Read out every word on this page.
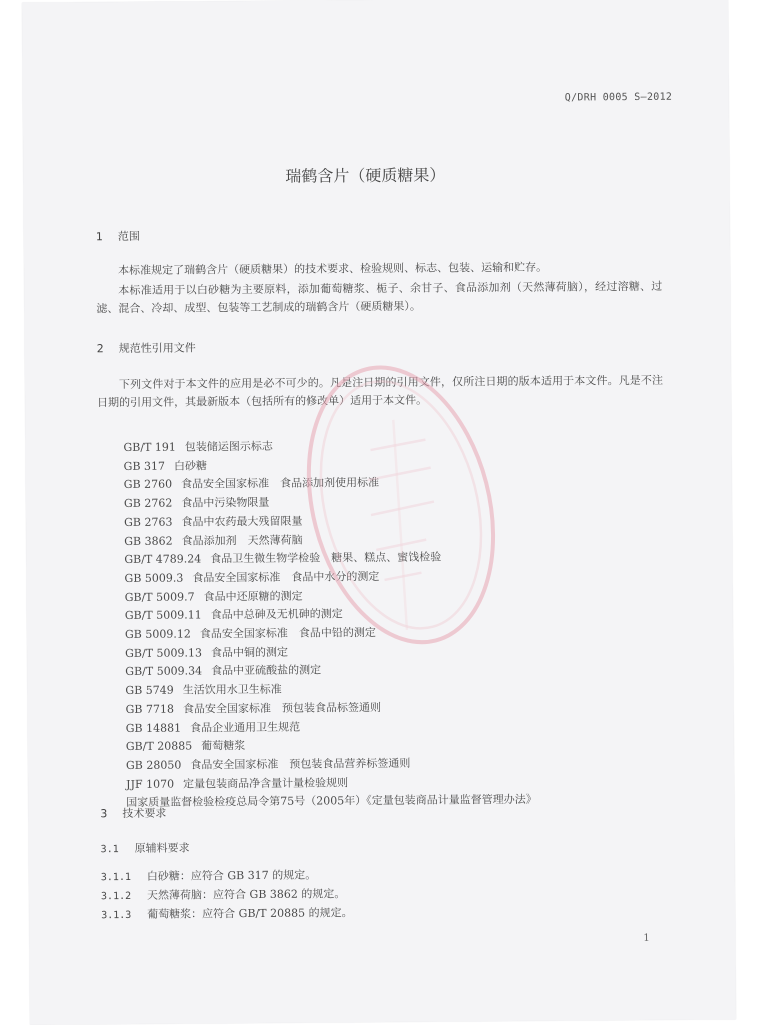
Q/DRH 0005 S—2012
瑞鹤含片（硬质糖果）
1 范围
本标准规定了瑞鹤含片（硬质糖果）的技术要求、检验规则、标志、包装、运输和贮存。
本标准适用于以白砂糖为主要原料，添加葡萄糖浆、栀子、余甘子、食品添加剂（天然薄荷脑），经过溶糖、过滤、混合、冷却、成型、包装等工艺制成的瑞鹤含片（硬质糖果）。
2 规范性引用文件
下列文件对于本文件的应用是必不可少的。凡是注日期的引用文件，仅所注日期的版本适用于本文件。凡是不注日期的引用文件，其最新版本（包括所有的修改单）适用于本文件。
GB/T 191 包装储运图示标志
GB 317 白砂糖
GB 2760 食品安全国家标准　食品添加剂使用标准
GB 2762 食品中污染物限量
GB 2763 食品中农药最大残留限量
GB 3862 食品添加剂　天然薄荷脑
GB/T 4789.24 食品卫生微生物学检验　糖果、糕点、蜜饯检验
GB 5009.3 食品安全国家标准　食品中水分的测定
GB/T 5009.7 食品中还原糖的测定
GB/T 5009.11 食品中总砷及无机砷的测定
GB 5009.12 食品安全国家标准　食品中铅的测定
GB/T 5009.13 食品中铜的测定
GB/T 5009.34 食品中亚硫酸盐的测定
GB 5749 生活饮用水卫生标准
GB 7718 食品安全国家标准　预包装食品标签通则
GB 14881 食品企业通用卫生规范
GB/T 20885 葡萄糖浆
GB 28050 食品安全国家标准　预包装食品营养标签通则
JJF 1070 定量包装商品净含量计量检验规则
国家质量监督检验检疫总局令第75号（2005年）《定量包装商品计量监督管理办法》
3 技术要求
3.1 原辅料要求
3.1.1 白砂糖：应符合 GB 317 的规定。
3.1.2 天然薄荷脑：应符合 GB 3862 的规定。
3.1.3 葡萄糖浆：应符合 GB/T 20885 的规定。
1
